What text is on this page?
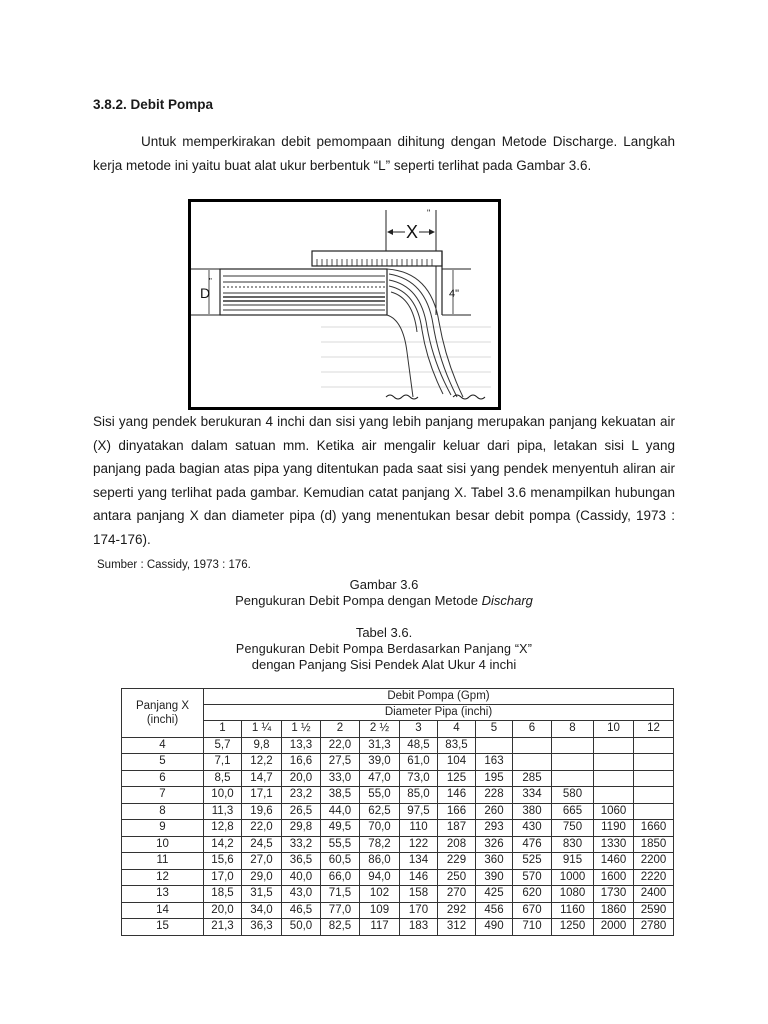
3.8.2. Debit Pompa
Untuk memperkirakan debit pemompaan dihitung dengan Metode Discharge. Langkah kerja metode ini yaitu buat alat ukur berbentuk “L” seperti terlihat pada Gambar 3.6.
X
"
D
"
4"
Sisi yang pendek berukuran 4 inchi dan sisi yang lebih panjang merupakan panjang kekuatan air (X) dinyatakan dalam satuan mm. Ketika air mengalir keluar dari pipa, letakan sisi L yang panjang pada bagian atas pipa yang ditentukan pada saat sisi yang pendek menyentuh aliran air seperti yang terlihat pada gambar. Kemudian catat panjang X. Tabel 3.6 menampilkan hubungan antara panjang X dan diameter pipa (d) yang menentukan besar debit pompa (Cassidy, 1973 : 174-176).
Sumber : Cassidy, 1973 : 176.
Gambar 3.6
Pengukuran Debit Pompa dengan Metode Discharg
Tabel 3.6.
Pengukuran Debit Pompa Berdasarkan Panjang “X”
dengan Panjang Sisi Pendek Alat Ukur 4 inchi
Panjang X (inchi)	Debit Pompa (Gpm)											
	Diameter Pipa (inchi)											
	1	1 ¼	1 ½	2	2 ½	3	4	5	6	8	10	12
4	5,7	9,8	13,3	22,0	31,3	48,5	83,5					
5	7,1	12,2	16,6	27,5	39,0	61,0	104	163				
6	8,5	14,7	20,0	33,0	47,0	73,0	125	195	285			
7	10,0	17,1	23,2	38,5	55,0	85,0	146	228	334	580		
8	11,3	19,6	26,5	44,0	62,5	97,5	166	260	380	665	1060	
9	12,8	22,0	29,8	49,5	70,0	110	187	293	430	750	1190	1660
10	14,2	24,5	33,2	55,5	78,2	122	208	326	476	830	1330	1850
11	15,6	27,0	36,5	60,5	86,0	134	229	360	525	915	1460	2200
12	17,0	29,0	40,0	66,0	94,0	146	250	390	570	1000	1600	2220
13	18,5	31,5	43,0	71,5	102	158	270	425	620	1080	1730	2400
14	20,0	34,0	46,5	77,0	109	170	292	456	670	1160	1860	2590
15	21,3	36,3	50,0	82,5	117	183	312	490	710	1250	2000	2780
